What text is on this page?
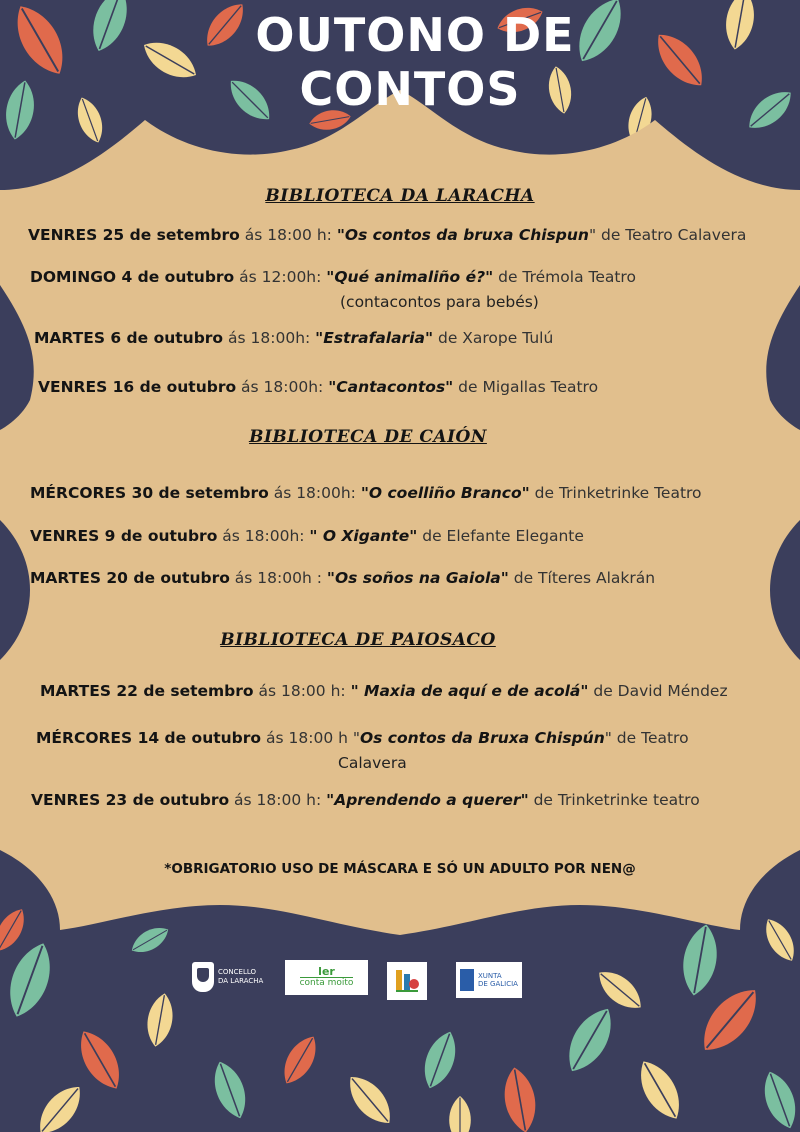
OUTONO DE
CONTOS
BIBLIOTECA DA LARACHA
VENRES 25 de setembro ás 18:00 h: "Os contos da bruxa Chispun" de Teatro Calavera
DOMINGO 4 de outubro ás 12:00h: "Qué animaliño é?" de Trémola Teatro
(contacontos para bebés)
MARTES 6 de outubro ás 18:00h: "Estrafalaria" de Xarope Tulú
VENRES 16 de outubro ás 18:00h: "Cantacontos" de Migallas Teatro
BIBLIOTECA DE CAIÓN
MÉRCORES 30 de setembro ás 18:00h: "O coelliño Branco" de Trinketrinke Teatro
VENRES 9 de outubro ás 18:00h: " O Xigante" de Elefante Elegante
MARTES 20 de outubro ás 18:00h : "Os soños na Gaiola" de Títeres Alakrán
BIBLIOTECA DE PAIOSACO
MARTES 22 de setembro ás 18:00 h: " Maxia de aquí e de acolá" de David Méndez
MÉRCORES 14 de outubro ás 18:00 h "Os contos da Bruxa Chispún" de Teatro
Calavera
VENRES 23 de outubro ás 18:00 h: "Aprendendo a querer" de Trinketrinke teatro
*OBRIGATORIO USO DE MÁSCARA E SÓ UN ADULTO POR NEN@
CONCELLO
DA LARACHA
ler
conta moito
XUNTA
DE GALICIA
